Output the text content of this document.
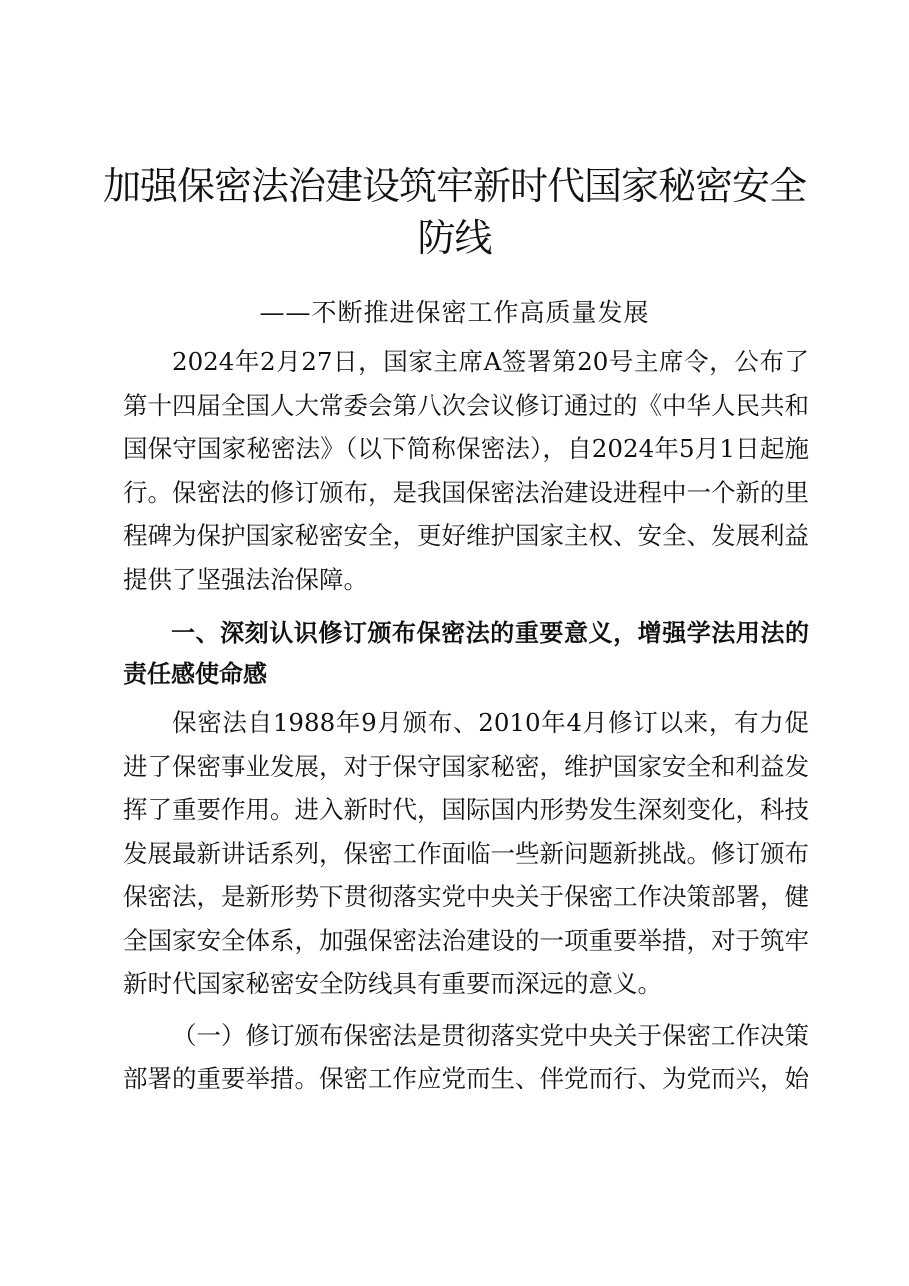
加强保密法治建设筑牢新时代国家秘密安全防线
——不断推进保密工作高质量发展

2024年2月27日，国家主席A签署第20号主席令，公布了第十四届全国人大常委会第八次会议修订通过的《中华人民共和国保守国家秘密法》（以下简称保密法），自2024年5月1日起施行。保密法的修订颁布，是我国保密法治建设进程中一个新的里程碑为保护国家秘密安全，更好维护国家主权、安全、发展利益提供了坚强法治保障。

一、深刻认识修订颁布保密法的重要意义，增强学法用法的责任感使命感

保密法自1988年9月颁布、2010年4月修订以来，有力促进了保密事业发展，对于保守国家秘密，维护国家安全和利益发挥了重要作用。进入新时代，国际国内形势发生深刻变化，科技发展最新讲话系列，保密工作面临一些新问题新挑战。修订颁布保密法，是新形势下贯彻落实党中央关于保密工作决策部署，健全国家安全体系，加强保密法治建设的一项重要举措，对于筑牢新时代国家秘密安全防线具有重要而深远的意义。

（一）修订颁布保密法是贯彻落实党中央关于保密工作决策部署的重要举措。保密工作应党而生、伴党而行、为党而兴，始
